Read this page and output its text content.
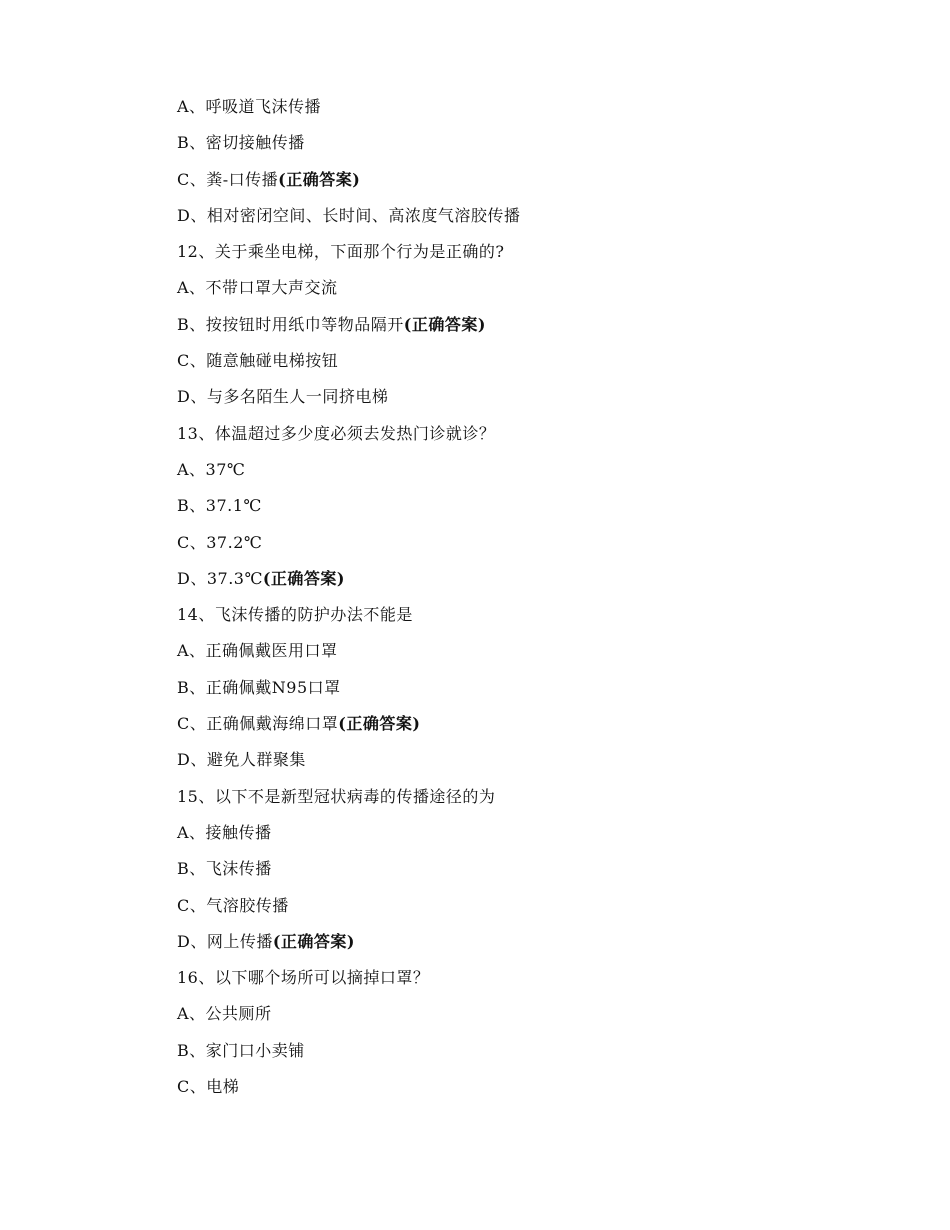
A、呼吸道飞沫传播
B、密切接触传播
C、粪-口传播(正确答案)
D、相对密闭空间、长时间、高浓度气溶胶传播
12、关于乘坐电梯，下面那个行为是正确的?
A、不带口罩大声交流
B、按按钮时用纸巾等物品隔开(正确答案)
C、随意触碰电梯按钮
D、与多名陌生人一同挤电梯
13、体温超过多少度必须去发热门诊就诊？
A、37℃
B、37.1℃
C、37.2℃
D、37.3℃(正确答案)
14、飞沫传播的防护办法不能是
A、正确佩戴医用口罩
B、正确佩戴N95口罩
C、正确佩戴海绵口罩(正确答案)
D、避免人群聚集
15、以下不是新型冠状病毒的传播途径的为
A、接触传播
B、飞沫传播
C、气溶胶传播
D、网上传播(正确答案)
16、以下哪个场所可以摘掉口罩？
A、公共厕所
B、家门口小卖铺
C、电梯
